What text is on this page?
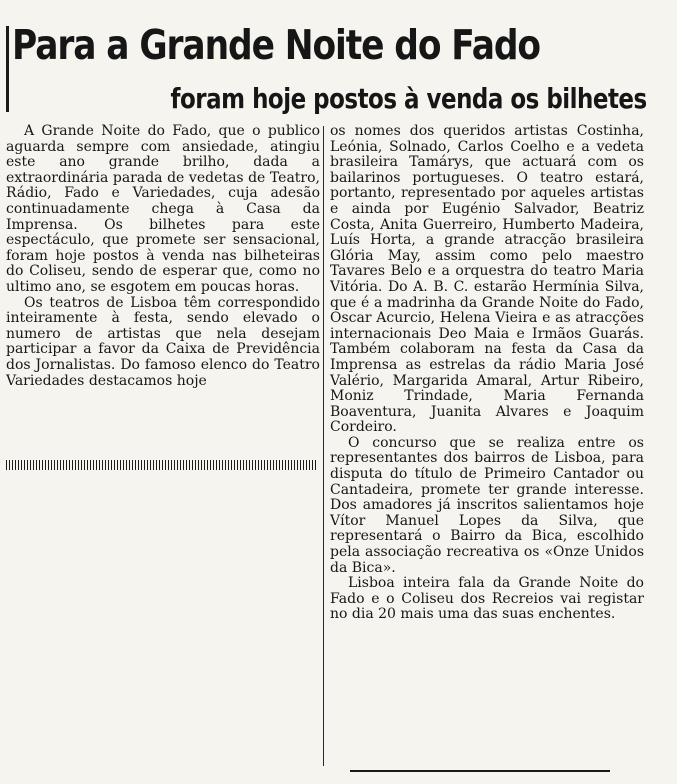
Para a Grande Noite do Fado
foram hoje postos à venda os bilhetes

A Grande Noite do Fado, que o publico aguarda sempre com ansiedade, atingiu este ano grande brilho, dada a extraordinária parada de vedetas de Teatro, Rádio, Fado e Variedades, cuja adesão continuadamente chega à Casa da Imprensa. Os bilhetes para este espectáculo, que promete ser sensacional, foram hoje postos à venda nas bilheteiras do Coliseu, sendo de esperar que, como no ultimo ano, se esgotem em poucas horas.

Os teatros de Lisboa têm correspondido inteiramente à festa, sendo elevado o numero de artistas que nela desejam participar a favor da Caixa de Previdência dos Jornalistas. Do famoso elenco do Teatro Variedades destacamos hoje

os nomes dos queridos artistas Costinha, Leónia, Solnado, Carlos Coelho e a vedeta brasileira Tamárys, que actuará com os bailarinos portugueses. O teatro estará, portanto, representado por aqueles artistas e ainda por Eugénio Salvador, Beatriz Costa, Anita Guerreiro, Humberto Madeira, Luís Horta, a grande atracção brasileira Glória May, assim como pelo maestro Tavares Belo e a orquestra do teatro Maria Vitória. Do A. B. C. estarão Hermínia Silva, que é a madrinha da Grande Noite do Fado, Oscar Acurcio, Helena Vieira e as atracções internacionais Deo Maia e Irmãos Guarás. Também colaboram na festa da Casa da Imprensa as estrelas da rádio Maria José Valério, Margarida Amaral, Artur Ribeiro, Moniz Trindade, Maria Fernanda Boaventura, Juanita Alvares e Joaquim Cordeiro.

O concurso que se realiza entre os representantes dos bairros de Lisboa, para disputa do título de Primeiro Cantador ou Cantadeira, promete ter grande interesse. Dos amadores já inscritos salientamos hoje Vítor Manuel Lopes da Silva, que representará o Bairro da Bica, escolhido pela associação recreativa os «Onze Unidos da Bica».

Lisboa inteira fala da Grande Noite do Fado e o Coliseu dos Recreios vai registar no dia 20 mais uma das suas enchentes.
